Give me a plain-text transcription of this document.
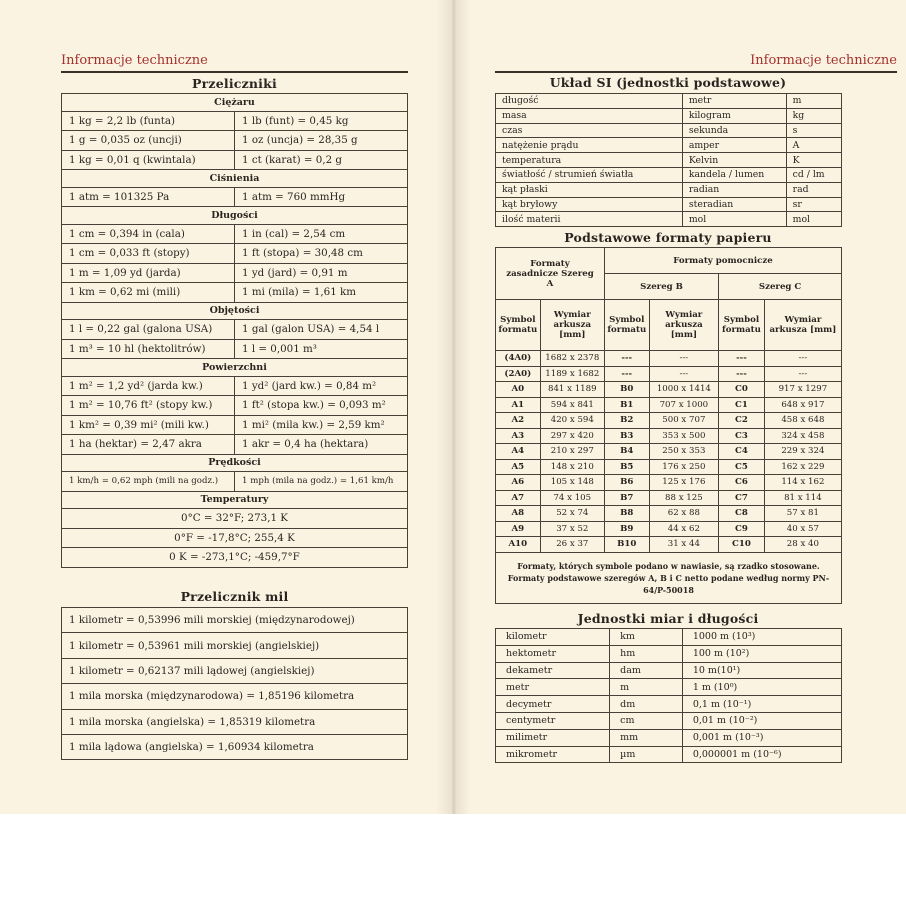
Informacje techniczne
Przeliczniki
Ciężaru	
1 kg = 2,2 lb (funta)	1 lb (funt) = 0,45 kg
1 g = 0,035 oz (uncji)	1 oz (uncja) = 28,35 g
1 kg = 0,01 q (kwintala)	1 ct (karat) = 0,2 g
Ciśnienia	
1 atm = 101325 Pa	1 atm = 760 mmHg
Długości	
1 cm = 0,394 in (cala)	1 in (cal) = 2,54 cm
1 cm = 0,033 ft (stopy)	1 ft (stopa) = 30,48 cm
1 m = 1,09 yd (jarda)	1 yd (jard) = 0,91 m
1 km = 0,62 mi (mili)	1 mi (mila) = 1,61 km
Objętości	
1 l = 0,22 gal (galona USA)	1 gal (galon USA) = 4,54 l
1 m³ = 10 hl (hektolitrów)	1 l = 0,001 m³
Powierzchni	
1 m² = 1,2 yd² (jarda kw.)	1 yd² (jard kw.) = 0,84 m²
1 m² = 10,76 ft² (stopy kw.)	1 ft² (stopa kw.) = 0,093 m²
1 km² = 0,39 mi² (mili kw.)	1 mi² (mila kw.) = 2,59 km²
1 ha (hektar) = 2,47 akra	1 akr = 0,4 ha (hektara)
Prędkości	
1 km/h = 0,62 mph (mili na godz.)	1 mph (mila na godz.) = 1,61 km/h
Temperatury	
0°C = 32°F; 273,1 K	
0°F = -17,8°C; 255,4 K	
0 K = -273,1°C; -459,7°F	
Przelicznik mil
1 kilometr = 0,53996 mili morskiej (międzynarodowej)
1 kilometr = 0,53961 mili morskiej (angielskiej)
1 kilometr = 0,62137 mili lądowej (angielskiej)
1 mila morska (międzynarodowa) = 1,85196 kilometra
1 mila morska (angielska) = 1,85319 kilometra
1 mila lądowa (angielska) = 1,60934 kilometra
Informacje techniczne
Układ SI (jednostki podstawowe)
długość	metr	m
masa	kilogram	kg
czas	sekunda	s
natężenie prądu	amper	A
temperatura	Kelvin	K
światłość / strumień światła	kandela / lumen	cd / lm
kąt płaski	radian	rad
kąt bryłowy	steradian	sr
ilość materii	mol	mol
Podstawowe formaty papieru
Formaty zasadnicze Szereg A		Formaty pomocnicze			
		Szereg B		Szereg C	
Symbol formatu	Wymiar arkusza [mm]	Symbol formatu	Wymiar arkusza [mm]	Symbol formatu	Wymiar arkusza [mm]
(4A0)	1682 x 2378	---	---	---	---
(2A0)	1189 x 1682	---	---	---	---
A0	841 x 1189	B0	1000 x 1414	C0	917 x 1297
A1	594 x 841	B1	707 x 1000	C1	648 x 917
A2	420 x 594	B2	500 x 707	C2	458 x 648
A3	297 x 420	B3	353 x 500	C3	324 x 458
A4	210 x 297	B4	250 x 353	C4	229 x 324
A5	148 x 210	B5	176 x 250	C5	162 x 229
A6	105 x 148	B6	125 x 176	C6	114 x 162
A7	74 x 105	B7	88 x 125	C7	81 x 114
A8	52 x 74	B8	62 x 88	C8	57 x 81
A9	37 x 52	B9	44 x 62	C9	40 x 57
A10	26 x 37	B10	31 x 44	C10	28 x 40
Formaty, których symbole podano w nawiasie, są rzadko stosowane. Formaty podstawowe szeregów A, B i C netto podane według normy PN-64/P-50018					
Jednostki miar i długości
kilometr	km	1000 m (10³)
hektometr	hm	100 m (10²)
dekametr	dam	10 m(10¹)
metr	m	1 m (10⁰)
decymetr	dm	0,1 m (10⁻¹)
centymetr	cm	0,01 m (10⁻²)
milimetr	mm	0,001 m (10⁻³)
mikrometr	µm	0,000001 m (10⁻⁶)
